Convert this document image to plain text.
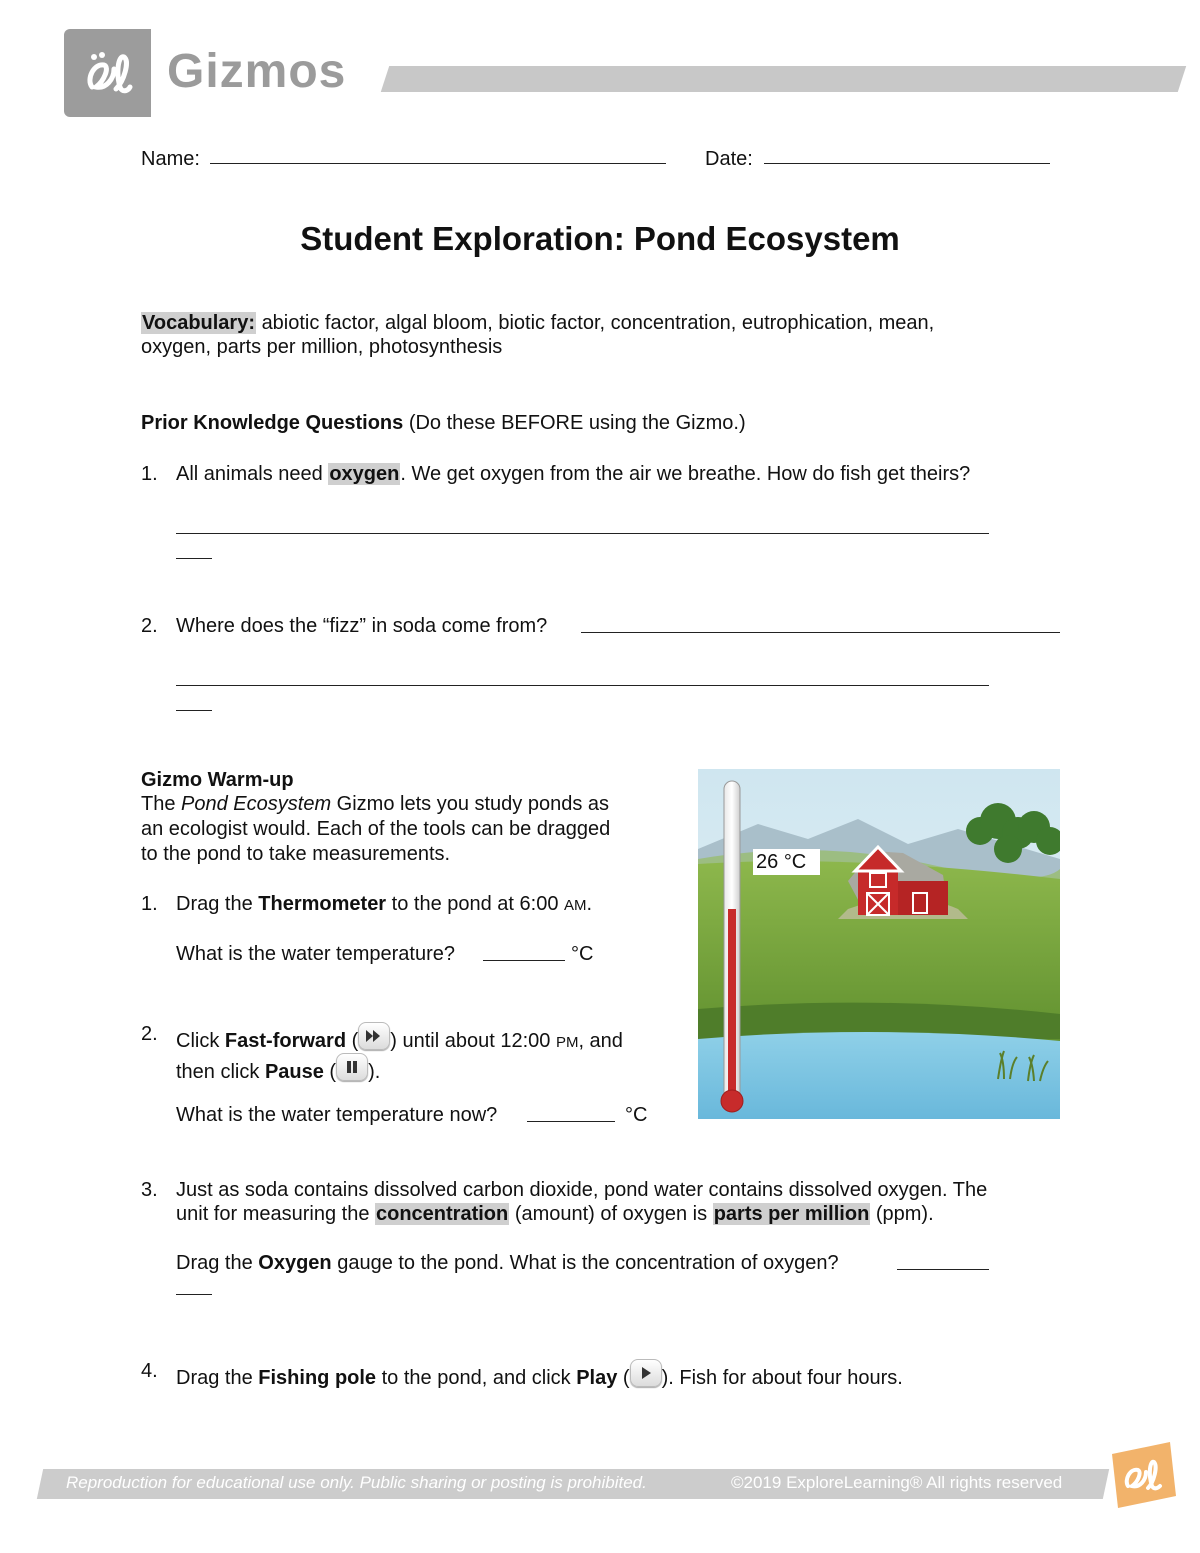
Gizmos
Name:	Date:
Student Exploration: Pond Ecosystem
Vocabulary: abiotic factor, algal bloom, biotic factor, concentration, eutrophication, mean,
oxygen, parts per million, photosynthesis
Prior Knowledge Questions (Do these BEFORE using the Gizmo.)
1. All animals need oxygen. We get oxygen from the air we breathe. How do fish get theirs?
2. Where does the “fizz” in soda come from?
Gizmo Warm-up
The Pond Ecosystem Gizmo lets you study ponds as
an ecologist would. Each of the tools can be dragged
to the pond to take measurements.
1. Drag the Thermometer to the pond at 6:00 AM.
What is the water temperature?	°C
2. Click Fast-forward ( ) until about 12:00 PM, and
then click Pause ( ).
What is the water temperature now?	°C
3. Just as soda contains dissolved carbon dioxide, pond water contains dissolved oxygen. The
unit for measuring the concentration (amount) of oxygen is parts per million (ppm).
Drag the Oxygen gauge to the pond. What is the concentration of oxygen?
4. Drag the Fishing pole to the pond, and click Play ( ). Fish for about four hours.
26 °C
Reproduction for educational use only. Public sharing or posting is prohibited.	©2019 ExploreLearning® All rights reserved
